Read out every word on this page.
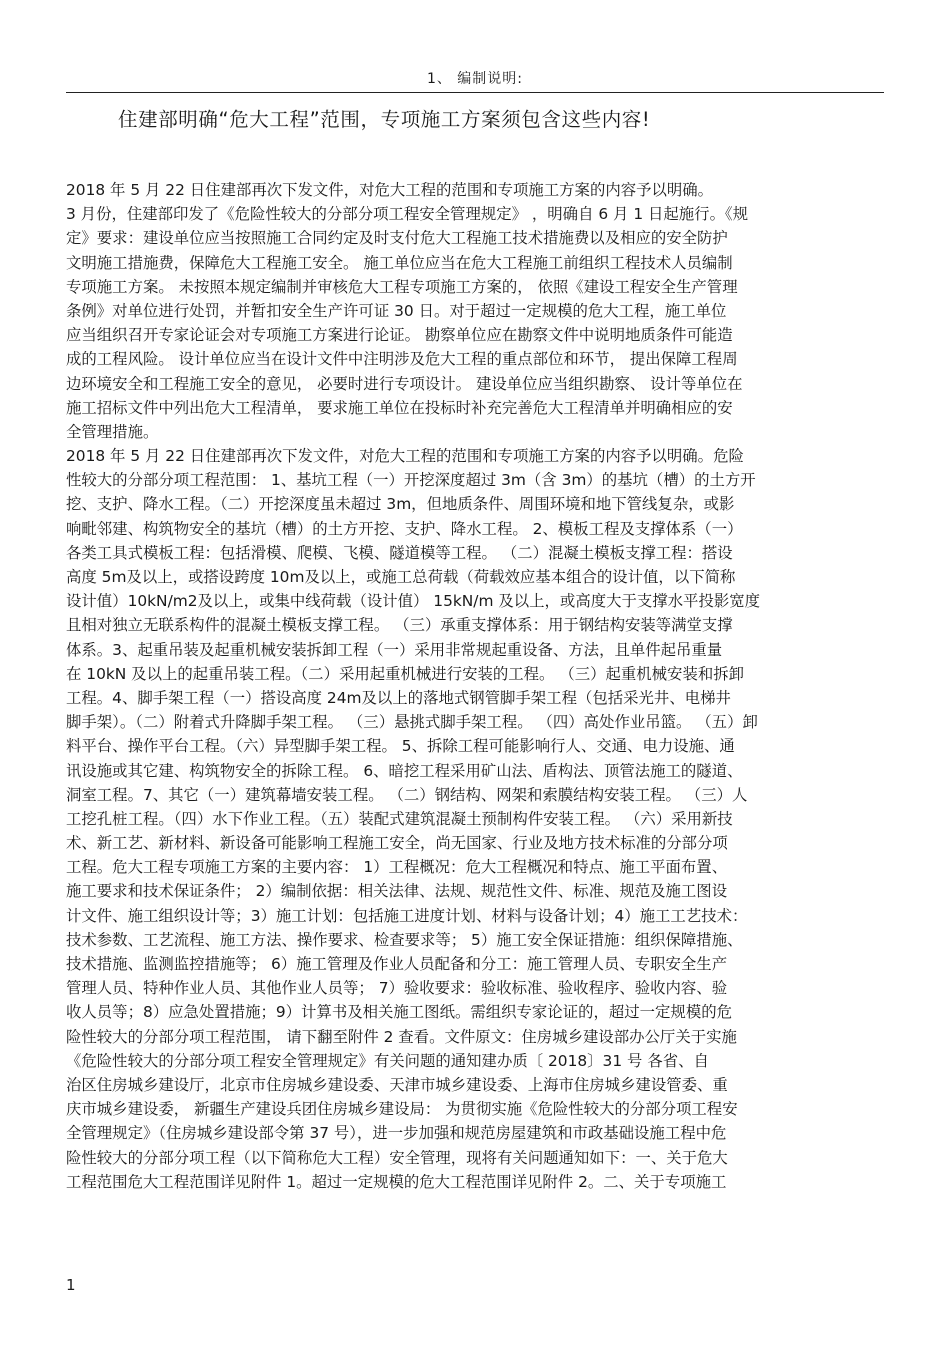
1、 编制说明:
住建部明确“危大工程”范围，专项施工方案须包含这些内容!
2018 年 5 月 22 日住建部再次下发文件，对危大工程的范围和专项施工方案的内容予以明确。
3 月份，住建部印发了《危险性较大的分部分项工程安全管理规定》 ，明确自 6 月 1 日起施行。《规
定》要求：建设单位应当按照施工合同约定及时支付危大工程施工技术措施费以及相应的安全防护
文明施工措施费，保障危大工程施工安全。 施工单位应当在危大工程施工前组织工程技术人员编制
专项施工方案。 未按照本规定编制并审核危大工程专项施工方案的， 依照《建设工程安全生产管理
条例》对单位进行处罚，并暂扣安全生产许可证 30 日。对于超过一定规模的危大工程，施工单位
应当组织召开专家论证会对专项施工方案进行论证。 勘察单位应在勘察文件中说明地质条件可能造
成的工程风险。 设计单位应当在设计文件中注明涉及危大工程的重点部位和环节， 提出保障工程周
边环境安全和工程施工安全的意见， 必要时进行专项设计。 建设单位应当组织勘察、 设计等单位在
施工招标文件中列出危大工程清单， 要求施工单位在投标时补充完善危大工程清单并明确相应的安
全管理措施。
2018 年 5 月 22 日住建部再次下发文件，对危大工程的范围和专项施工方案的内容予以明确。危险
性较大的分部分项工程范围： 1、基坑工程（一）开挖深度超过 3m（含 3m）的基坑（槽）的土方开
挖、支护、降水工程。（二）开挖深度虽未超过 3m，但地质条件、周围环境和地下管线复杂，或影
响毗邻建、构筑物安全的基坑（槽）的土方开挖、支护、降水工程。 2、模板工程及支撑体系（一）
各类工具式模板工程：包括滑模、爬模、飞模、隧道模等工程。 （二）混凝土模板支撑工程：搭设
高度 5m及以上，或搭设跨度 10m及以上，或施工总荷载（荷载效应基本组合的设计值，以下简称
设计值）10kN/m2及以上，或集中线荷载（设计值） 15kN/m 及以上，或高度大于支撑水平投影宽度
且相对独立无联系构件的混凝土模板支撑工程。 （三）承重支撑体系：用于钢结构安装等满堂支撑
体系。3、起重吊装及起重机械安装拆卸工程（一）采用非常规起重设备、方法，且单件起吊重量
在 10kN 及以上的起重吊装工程。（二）采用起重机械进行安装的工程。 （三）起重机械安装和拆卸
工程。4、脚手架工程（一）搭设高度 24m及以上的落地式钢管脚手架工程（包括采光井、电梯井
脚手架）。（二）附着式升降脚手架工程。 （三）悬挑式脚手架工程。 （四）高处作业吊篮。 （五）卸
料平台、操作平台工程。（六）异型脚手架工程。 5、拆除工程可能影响行人、交通、电力设施、通
讯设施或其它建、构筑物安全的拆除工程。 6、暗挖工程采用矿山法、盾构法、顶管法施工的隧道、
洞室工程。7、其它（一）建筑幕墙安装工程。 （二）钢结构、网架和索膜结构安装工程。 （三）人
工挖孔桩工程。（四）水下作业工程。（五）装配式建筑混凝土预制构件安装工程。 （六）采用新技
术、新工艺、新材料、新设备可能影响工程施工安全，尚无国家、行业及地方技术标准的分部分项
工程。危大工程专项施工方案的主要内容： 1）工程概况：危大工程概况和特点、施工平面布置、
施工要求和技术保证条件； 2）编制依据：相关法律、法规、规范性文件、标准、规范及施工图设
计文件、施工组织设计等；3）施工计划：包括施工进度计划、材料与设备计划；4）施工工艺技术：
技术参数、工艺流程、施工方法、操作要求、检查要求等； 5）施工安全保证措施：组织保障措施、
技术措施、监测监控措施等； 6）施工管理及作业人员配备和分工：施工管理人员、专职安全生产
管理人员、特种作业人员、其他作业人员等； 7）验收要求：验收标准、验收程序、验收内容、验
收人员等；8）应急处置措施；9）计算书及相关施工图纸。需组织专家论证的，超过一定规模的危
险性较大的分部分项工程范围， 请下翻至附件 2 查看。文件原文：住房城乡建设部办公厅关于实施
《危险性较大的分部分项工程安全管理规定》有关问题的通知建办质〔 2018〕31 号 各省、自
治区住房城乡建设厅，北京市住房城乡建设委、天津市城乡建设委、上海市住房城乡建设管委、重
庆市城乡建设委， 新疆生产建设兵团住房城乡建设局： 为贯彻实施《危险性较大的分部分项工程安
全管理规定》（住房城乡建设部令第 37 号），进一步加强和规范房屋建筑和市政基础设施工程中危
险性较大的分部分项工程（以下简称危大工程）安全管理，现将有关问题通知如下：一、关于危大
工程范围危大工程范围详见附件 1。超过一定规模的危大工程范围详见附件 2。二、关于专项施工
1
